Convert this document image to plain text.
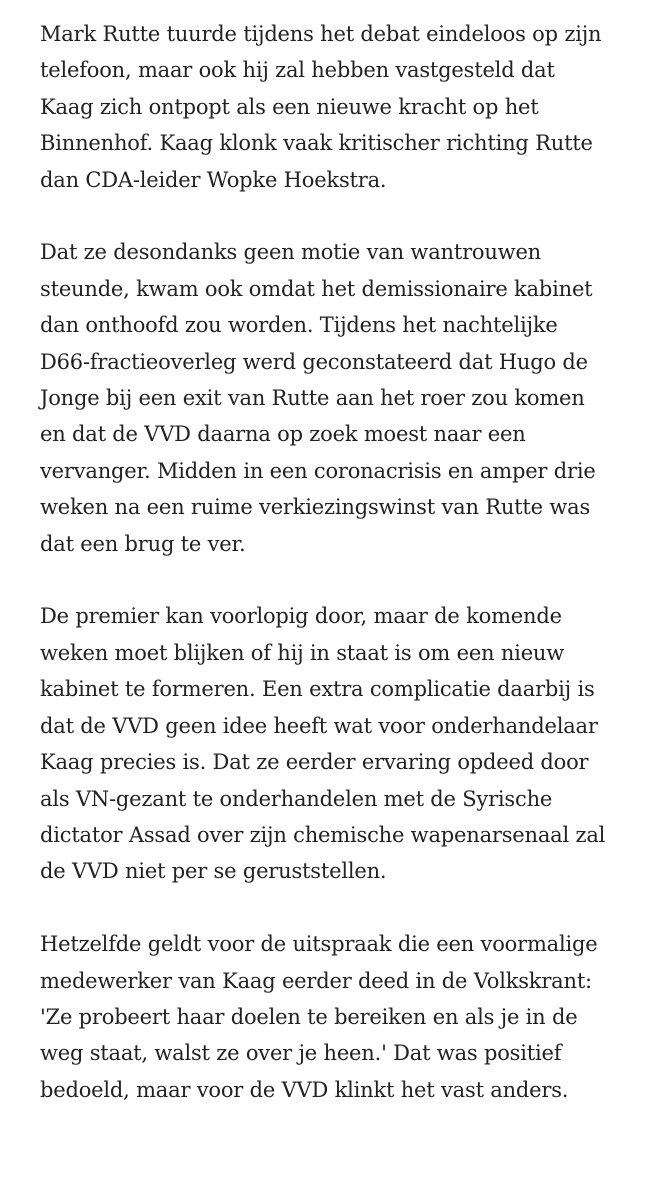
Mark Rutte tuurde tijdens het debat eindeloos op zijn
telefoon, maar ook hij zal hebben vastgesteld dat
Kaag zich ontpopt als een nieuwe kracht op het
Binnenhof. Kaag klonk vaak kritischer richting Rutte
dan CDA-leider Wopke Hoekstra.

Dat ze desondanks geen motie van wantrouwen
steunde, kwam ook omdat het demissionaire kabinet
dan onthoofd zou worden. Tijdens het nachtelijke
D66-fractieoverleg werd geconstateerd dat Hugo de
Jonge bij een exit van Rutte aan het roer zou komen
en dat de VVD daarna op zoek moest naar een
vervanger. Midden in een coronacrisis en amper drie
weken na een ruime verkiezingswinst van Rutte was
dat een brug te ver.

De premier kan voorlopig door, maar de komende
weken moet blijken of hij in staat is om een nieuw
kabinet te formeren. Een extra complicatie daarbij is
dat de VVD geen idee heeft wat voor onderhandelaar
Kaag precies is. Dat ze eerder ervaring opdeed door
als VN-gezant te onderhandelen met de Syrische
dictator Assad over zijn chemische wapenarsenaal zal
de VVD niet per se geruststellen.

Hetzelfde geldt voor de uitspraak die een voormalige
medewerker van Kaag eerder deed in de Volkskrant:
'Ze probeert haar doelen te bereiken en als je in de
weg staat, walst ze over je heen.' Dat was positief
bedoeld, maar voor de VVD klinkt het vast anders.
